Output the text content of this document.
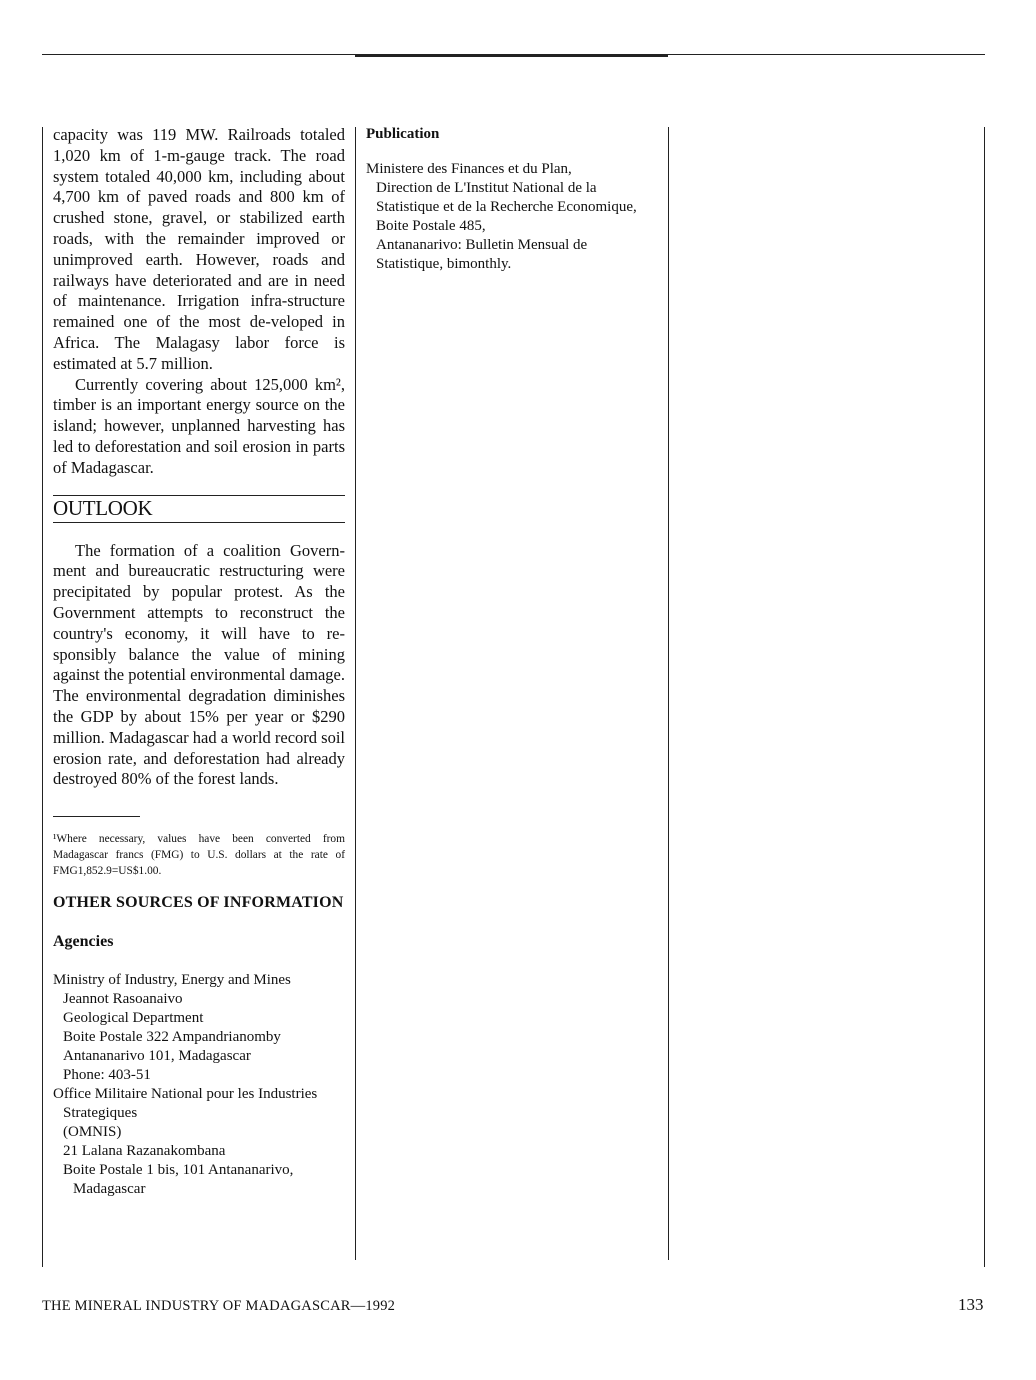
capacity was 119 MW. Railroads totaled 1,020 km of 1-m-gauge track. The road system totaled 40,000 km, including about 4,700 km of paved roads and 800 km of crushed stone, gravel, or stabilized earth roads, with the remainder improved or unimproved earth. However, roads and railways have deteriorated and are in need of maintenance. Irrigation infra-structure remained one of the most de-veloped in Africa. The Malagasy labor force is estimated at 5.7 million.

Currently covering about 125,000 km², timber is an important energy source on the island; however, unplanned harvesting has led to deforestation and soil erosion in parts of Madagascar.

OUTLOOK

The formation of a coalition Govern-ment and bureaucratic restructuring were precipitated by popular protest. As the Government attempts to reconstruct the country's economy, it will have to re-sponsibly balance the value of mining against the potential environmental damage. The environmental degradation diminishes the GDP by about 15% per year or $290 million. Madagascar had a world record soil erosion rate, and deforestation had already destroyed 80% of the forest lands.

¹Where necessary, values have been converted from Madagascar francs (FMG) to U.S. dollars at the rate of FMG1,852.9=US$1.00.

OTHER SOURCES OF INFORMATION

Agencies

Ministry of Industry, Energy and Mines
Jeannot Rasoanaivo
Geological Department
Boite Postale 322 Ampandrianomby
Antananarivo 101, Madagascar
Phone: 403-51
Office Militaire National pour les Industries
Strategiques
(OMNIS)
21 Lalana Razanakombana
Boite Postale 1 bis, 101 Antananarivo,
Madagascar

Publication

Ministere des Finances et du Plan,
Direction de L'Institut National de la
Statistique et de la Recherche Economique,
Boite Postale 485,
Antananarivo: Bulletin Mensual de
Statistique, bimonthly.
THE MINERAL INDUSTRY OF MADAGASCAR—1992	133
